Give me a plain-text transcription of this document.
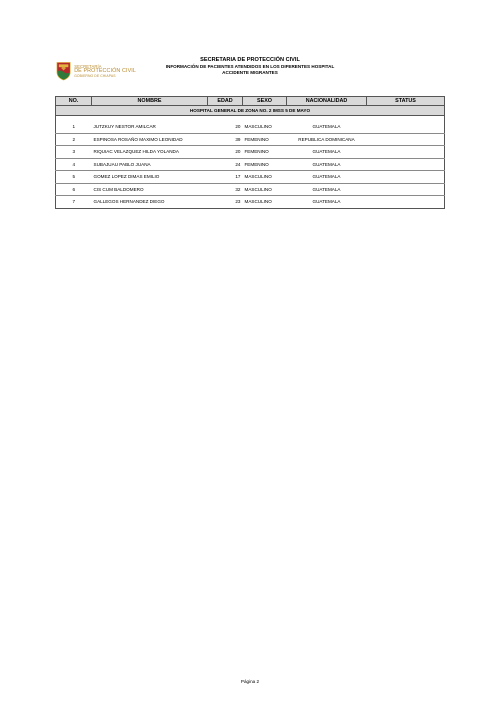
SECRETARÍA
DE PROTECCIÓN CIVIL
GOBIERNO DE CHIAPAS
SECRETARIA DE PROTECCIÓN CIVIL
INFORMACIÓN DE PACIENTES ATENDIDOS EN LOS DIFERENTES HOSPITAL
ACCIDENTE MIGRANTES
NO.	NOMBRE	EDAD	SEXO	NACIONALIDAD	STATUS
HOSPITAL GENERAL DE ZONA NO. 2 IMSS 5 DE MAYO					

1	JUTZKUY NESTOR AMILCAR	20	MASCULINO	GUATEMALA	
2	ESPINOSA ROSAÑO MAXIMO LEONIDAD	39	FEMENINO	REPUBLICA DOMINICANA	
3	RIQUIAC VELAZQUEZ HILDA YOLANDA	20	FEMENINO	GUATEMALA	
4	SUBAJUAU PABLO JUANA	24	FEMENINO	GUATEMALA	
5	GOMEZ LOPEZ DIMAS EMILIO	17	MASCULINO	GUATEMALA	
6	CIS CUM BALDOMERO	32	MASCULINO	GUATEMALA	
7	GALLEGOS HERNANDEZ DIEGO	23	MASCULINO	GUATEMALA	
Página 2
